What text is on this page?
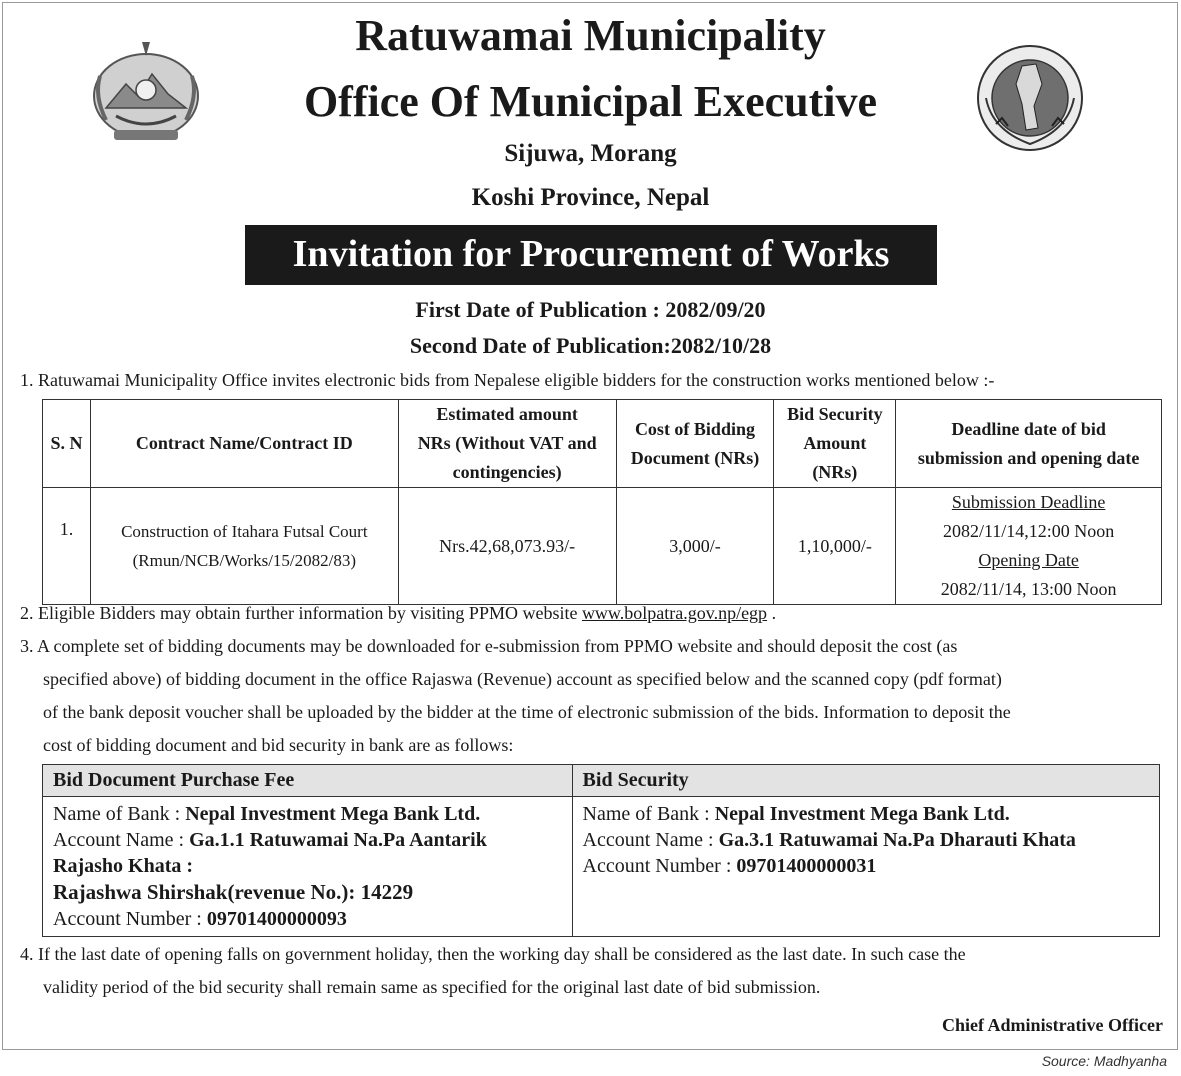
Ratuwamai Municipality
Office Of Municipal Executive
Sijuwa, Morang
Koshi Province, Nepal
Invitation for Procurement of Works
First Date of Publication : 2082/09/20
Second Date of Publication:2082/10/28
1. Ratuwamai Municipality Office invites electronic bids from Nepalese eligible bidders for the construction works mentioned below :-
S. N	Contract Name/Contract ID	Estimated amount
NRs (Without VAT and
contingencies)	Cost of Bidding
Document (NRs)	Bid Security
Amount
(NRs)	Deadline date of bid
submission and opening date
1.	Construction of Itahara Futsal Court
(Rmun/NCB/Works/15/2082/83)	Nrs.42,68,073.93/-	3,000/-	1,10,000/-	Submission Deadline
2082/11/14,12:00 Noon
Opening Date
2082/11/14, 13:00 Noon
2. Eligible Bidders may obtain further information by visiting PPMO website www.bolpatra.gov.np/egp .
3. A complete set of bidding documents may be downloaded for e-submission from PPMO website and should deposit the cost (as
specified above) of bidding document in the office Rajaswa (Revenue) account as specified below and the scanned copy (pdf format)
of the bank deposit voucher shall be uploaded by the bidder at the time of electronic submission of the bids. Information to deposit the
cost of bidding document and bid security in bank are as follows:
Bid Document Purchase Fee	Bid Security
Name of Bank : Nepal Investment Mega Bank Ltd.
Account Name : Ga.1.1 Ratuwamai Na.Pa Aantarik
Rajasho Khata :
Rajashwa Shirshak(revenue No.): 14229
Account Number : 09701400000093	Name of Bank : Nepal Investment Mega Bank Ltd.
Account Name : Ga.3.1 Ratuwamai Na.Pa Dharauti Khata
Account Number : 09701400000031
4. If the last date of opening falls on government holiday, then the working day shall be considered as the last date. In such case the
validity period of the bid security shall remain same as specified for the original last date of bid submission.
Chief Administrative Officer
Source: Madhyanha
